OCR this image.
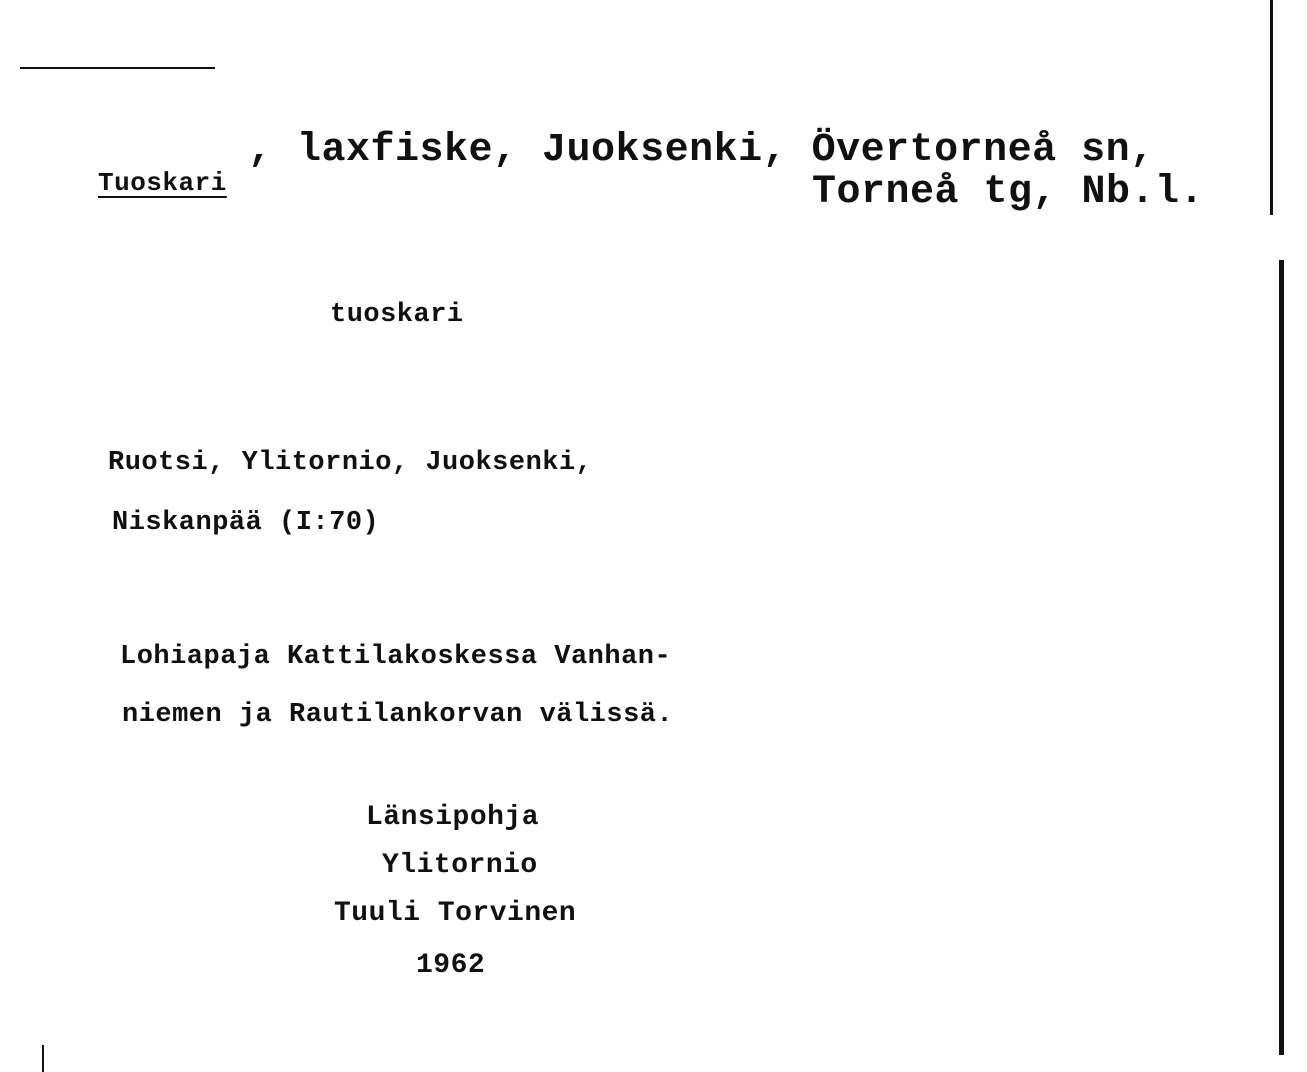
Tuoskari
, laxfiske, Juoksenki, Övertorneå sn,
Torneå tg, Nb.l.
tuoskari
Ruotsi, Ylitornio, Juoksenki,
Niskanpää (I:70)
Lohiapaja Kattilakoskessa Vanhan-
niemen ja Rautilankorvan välissä.
Länsipohja
Ylitornio
Tuuli Torvinen
1962
